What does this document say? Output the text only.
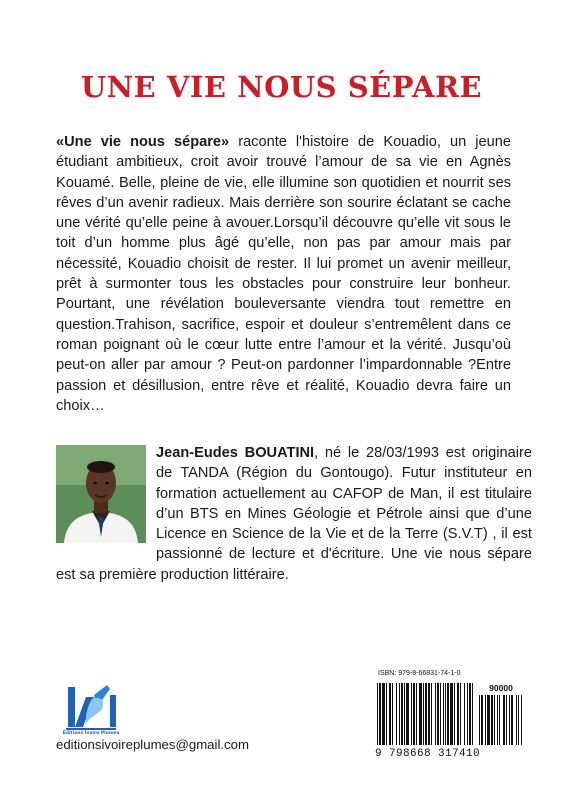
UNE VIE NOUS SÉPARE

«Une vie nous sépare» raconte l'histoire de Kouadio, un jeune étudiant ambitieux, croit avoir trouvé l’amour de sa vie en Agnès Kouamé. Belle, pleine de vie, elle illumine son quotidien et nourrit ses rêves d’un avenir radieux. Mais derrière son sourire éclatant se cache une vérité qu’elle peine à avouer.Lorsqu’il découvre qu’elle vit sous le toit d’un homme plus âgé qu’elle, non pas par amour mais par nécessité, Kouadio choisit de rester. Il lui promet un avenir meilleur, prêt à surmonter tous les obstacles pour construire leur bonheur. Pourtant, une révélation bouleversante viendra tout remettre en question.Trahison, sacrifice, espoir et douleur s’entremêlent dans ce roman poignant où le cœur lutte entre l’amour et la vérité. Jusqu’où peut-on aller par amour ? Peut-on pardonner l’impardonnable ?Entre passion et désillusion, entre rêve et réalité, Kouadio devra faire un choix…

Jean-Eudes BOUATINI, né le 28/03/1993 est originaire de TANDA (Région du Gontougo). Futur instituteur en formation actuellement au CAFOP de Man, il est titulaire d’un BTS en Mines Géologie et Pétrole ainsi que d’une Licence en Science de la Vie et de la Terre (S.V.T) , il est passionné de lecture et d'écriture. Une vie nous sépare est sa première production littéraire.

Éditions Ivoire Plumes
editionsivoireplumes@gmail.com
ISBN: 979-8-66831-74-1-0
90000
9 798668 317410
